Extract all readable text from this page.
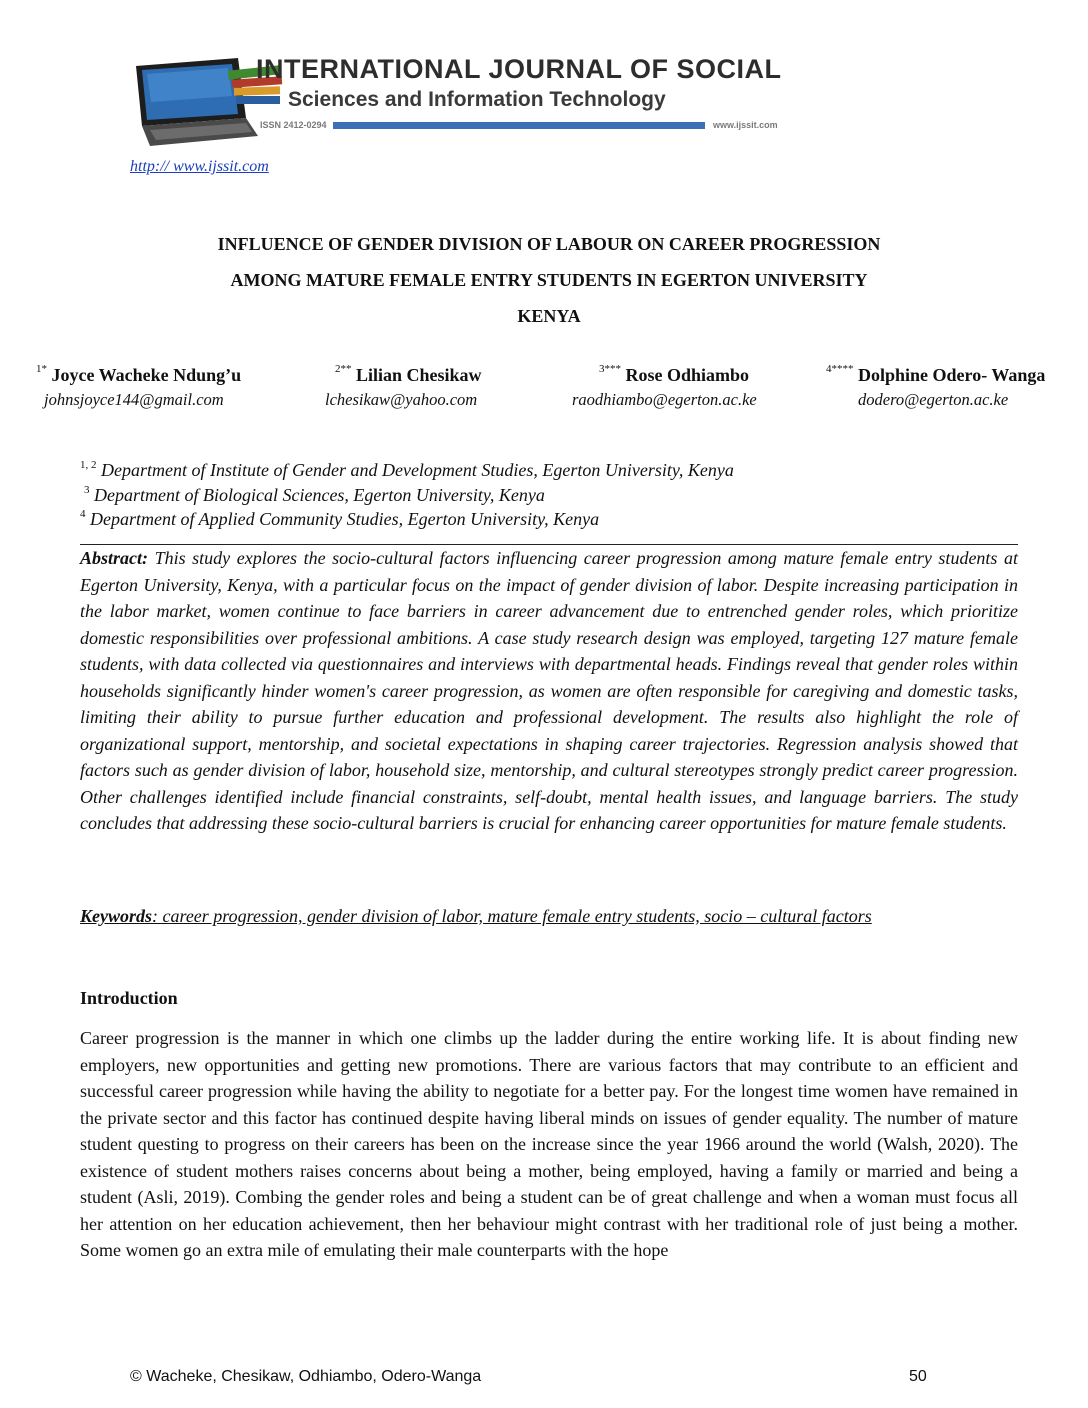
INTERNATIONAL JOURNAL OF SOCIAL
Sciences and Information Technology
ISSN 2412-0294	www.ijssit.com
http:// www.ijssit.com
INFLUENCE OF GENDER DIVISION OF LABOUR ON CAREER PROGRESSION
AMONG MATURE FEMALE ENTRY STUDENTS IN EGERTON UNIVERSITY
KENYA
$^{1*}$ Joyce Wacheke Ndung’u
johnsjoyce144@gmail.com
$^{2**}$ Lilian Chesikaw
lchesikaw@yahoo.com
$^{3***}$ Rose Odhiambo
raodhiambo@egerton.ac.ke
$^{4****}$ Dolphine Odero- Wanga
dodero@egerton.ac.ke
$^{1, 2}$ Department of Institute of Gender and Development Studies, Egerton University, Kenya
$^3$ Department of Biological Sciences, Egerton University, Kenya
$^4$ Department of Applied Community Studies, Egerton University, Kenya

Abstract: This study explores the socio-cultural factors influencing career progression among mature female entry students at Egerton University, Kenya, with a particular focus on the impact of gender division of labor. Despite increasing participation in the labor market, women continue to face barriers in career advancement due to entrenched gender roles, which prioritize domestic responsibilities over professional ambitions. A case study research design was employed, targeting 127 mature female students, with data collected via questionnaires and interviews with departmental heads. Findings reveal that gender roles within households significantly hinder women's career progression, as women are often responsible for caregiving and domestic tasks, limiting their ability to pursue further education and professional development. The results also highlight the role of organizational support, mentorship, and societal expectations in shaping career trajectories. Regression analysis showed that factors such as gender division of labor, household size, mentorship, and cultural stereotypes strongly predict career progression. Other challenges identified include financial constraints, self-doubt, mental health issues, and language barriers. The study concludes that addressing these socio-cultural barriers is crucial for enhancing career opportunities for mature female students.

Keywords: career progression, gender division of labor, mature female entry students, socio – cultural factors
Introduction

Career progression is the manner in which one climbs up the ladder during the entire working life. It is about finding new employers, new opportunities and getting new promotions. There are various factors that may contribute to an efficient and successful career progression while having the ability to negotiate for a better pay. For the longest time women have remained in the private sector and this factor has continued despite having liberal minds on issues of gender equality. The number of mature student questing to progress on their careers has been on the increase since the year 1966 around the world (Walsh, 2020). The existence of student mothers raises concerns about being a mother, being employed, having a family or married and being a student (Asli, 2019). Combing the gender roles and being a student can be of great challenge and when a woman must focus all her attention on her education achievement, then her behaviour might contrast with her traditional role of just being a mother. Some women go an extra mile of emulating their male counterparts with the hope

© Wacheke, Chesikaw, Odhiambo, Odero-Wanga	50
